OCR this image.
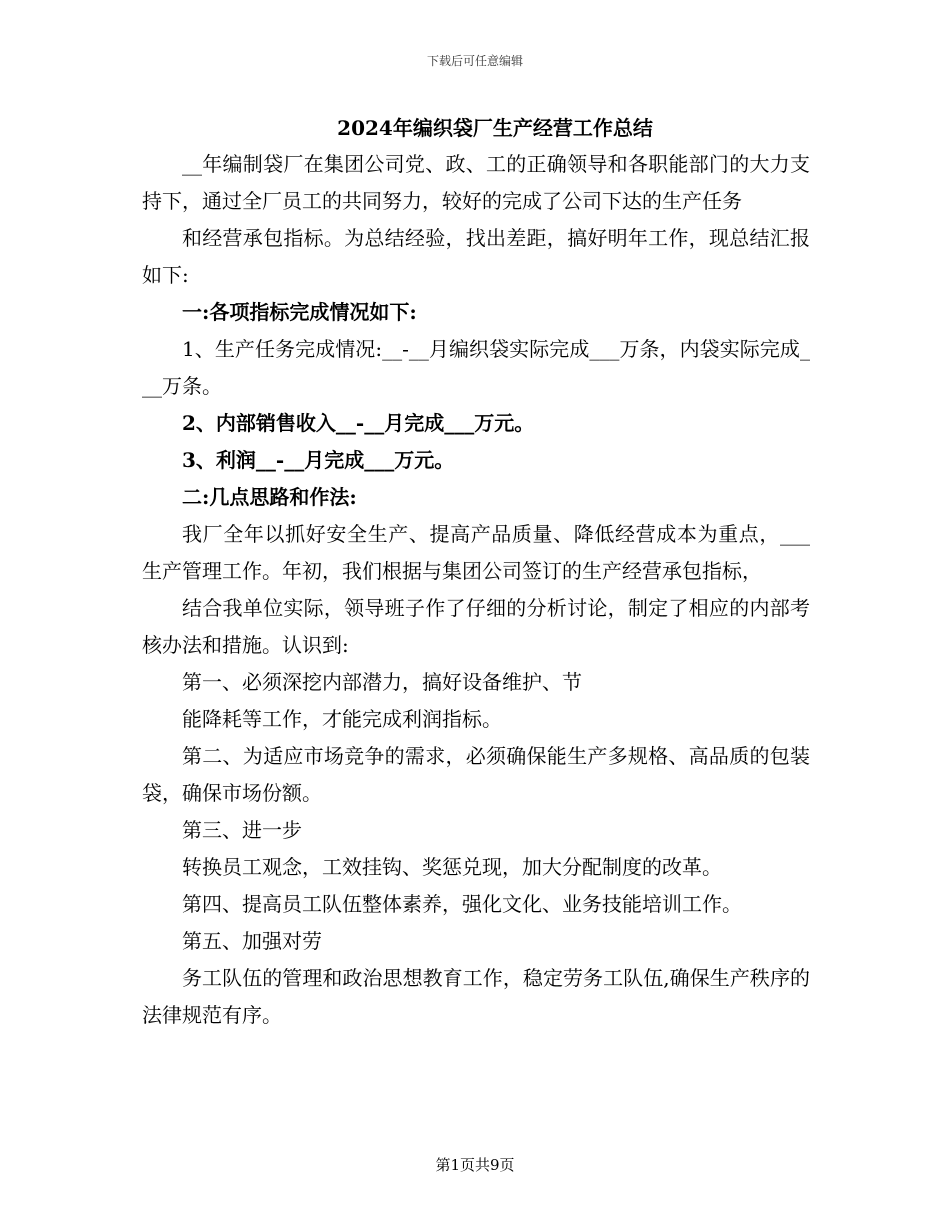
下载后可任意编辑
2024年编织袋厂生产经营工作总结

__年编制袋厂在集团公司党、政、工的正确领导和各职能部门的大力支持下，通过全厂员工的共同努力，较好的完成了公司下达的生产任务

和经营承包指标。为总结经验，找出差距，搞好明年工作，现总结汇报如下:

一:各项指标完成情况如下:

1、生产任务完成情况:__-__月编织袋实际完成___万条，内袋实际完成___万条。

2、内部销售收入__-__月完成___万元。

3、利润__-__月完成___万元。

二:几点思路和作法:

我厂全年以抓好安全生产、提高产品质量、降低经营成本为重点，___生产管理工作。年初，我们根据与集团公司签订的生产经营承包指标，

结合我单位实际，领导班子作了仔细的分析讨论，制定了相应的内部考核办法和措施。认识到:

第一、必须深挖内部潜力，搞好设备维护、节

能降耗等工作，才能完成利润指标。

第二、为适应市场竞争的需求，必须确保能生产多规格、高品质的包装袋，确保市场份额。

第三、进一步

转换员工观念，工效挂钩、奖惩兑现，加大分配制度的改革。

第四、提高员工队伍整体素养，强化文化、业务技能培训工作。

第五、加强对劳

务工队伍的管理和政治思想教育工作，稳定劳务工队伍,确保生产秩序的法律规范有序。

第1页共9页
